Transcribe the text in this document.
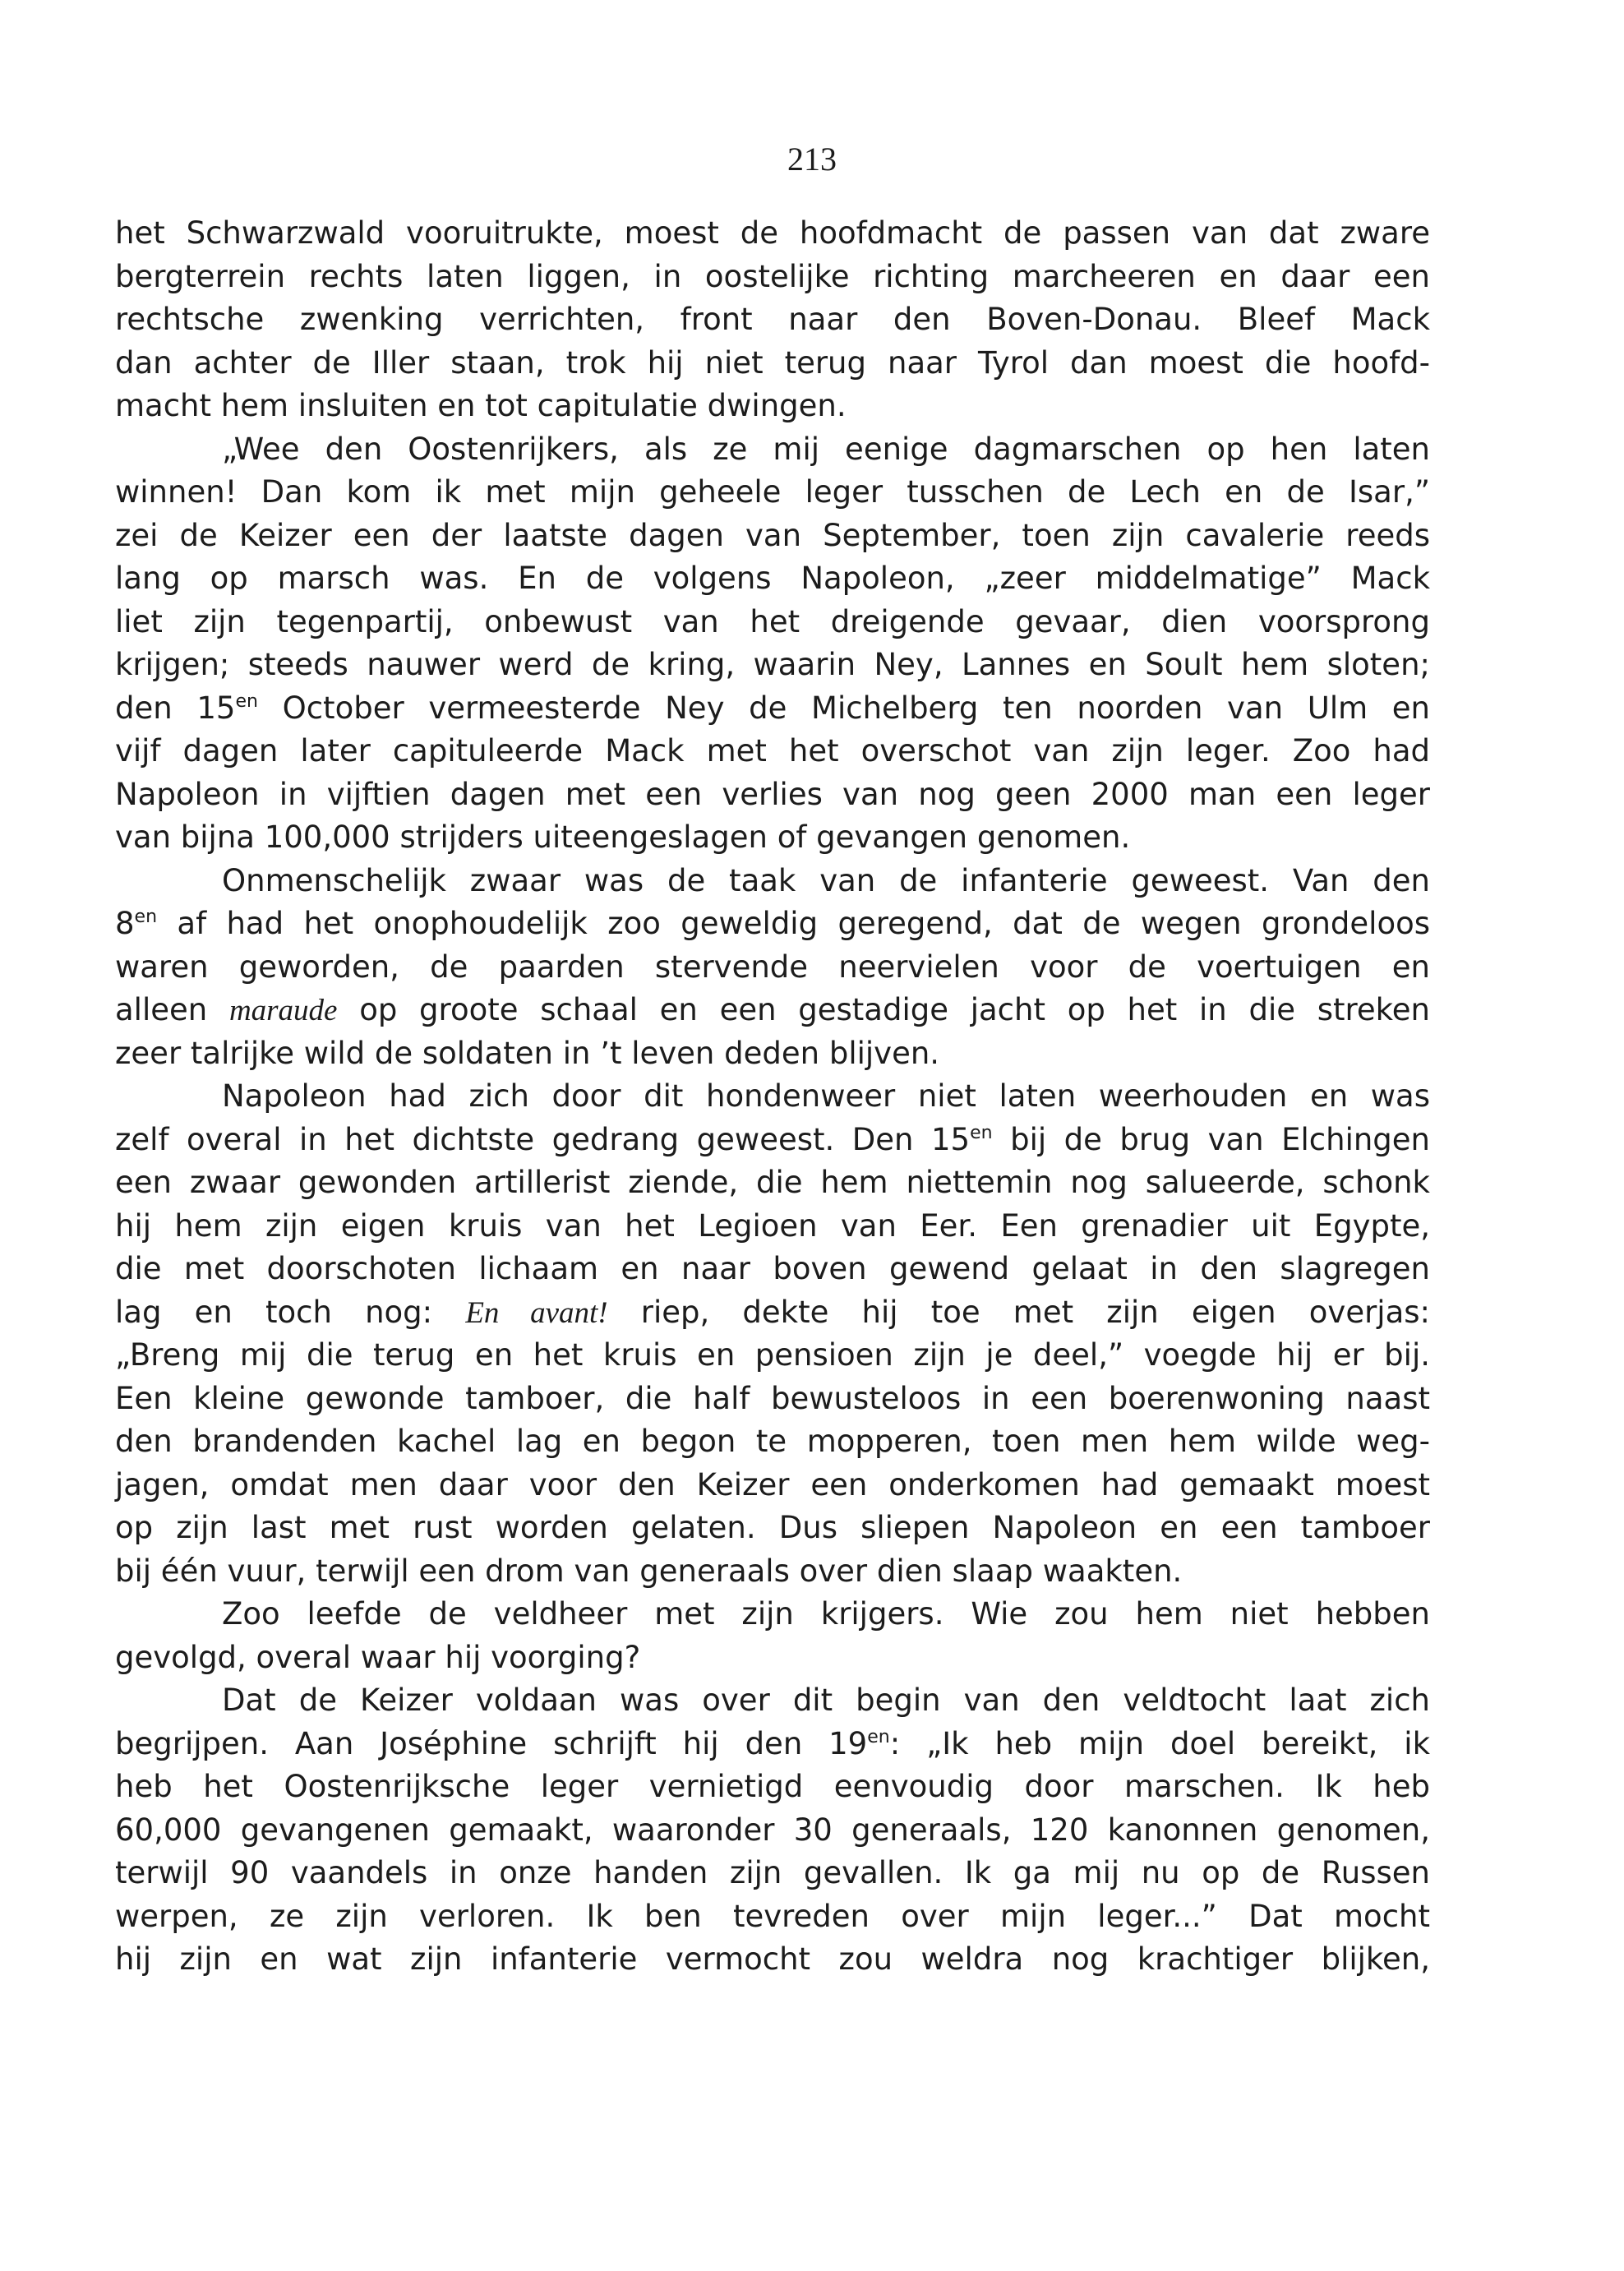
213
het Schwarzwald vooruitrukte, moest de hoofdmacht de passen van dat zware
bergterrein rechts laten liggen, in oostelijke richting marcheeren en daar een
rechtsche zwenking verrichten, front naar den Boven-Donau. Bleef Mack
dan achter de Iller staan, trok hij niet terug naar Tyrol dan moest die hoofd-
macht hem insluiten en tot capitulatie dwingen.
„Wee den Oostenrijkers, als ze mij eenige dagmarschen op hen laten
winnen! Dan kom ik met mijn geheele leger tusschen de Lech en de Isar,”
zei de Keizer een der laatste dagen van September, toen zijn cavalerie reeds
lang op marsch was. En de volgens Napoleon, „zeer middelmatige” Mack
liet zijn tegenpartij, onbewust van het dreigende gevaar, dien voorsprong
krijgen; steeds nauwer werd de kring, waarin Ney, Lannes en Soult hem sloten;
den $15^{en}$ October vermeesterde Ney de Michelberg ten noorden van Ulm en
vijf dagen later capituleerde Mack met het overschot van zijn leger. Zoo had
Napoleon in vijftien dagen met een verlies van nog geen 2000 man een leger
van bijna 100,000 strijders uiteengeslagen of gevangen genomen.
Onmenschelijk zwaar was de taak van de infanterie geweest. Van den
$8^{en}$ af had het onophoudelijk zoo geweldig geregend, dat de wegen grondeloos
waren geworden, de paarden stervende neervielen voor de voertuigen en
alleen maraude op groote schaal en een gestadige jacht op het in die streken
zeer talrijke wild de soldaten in ’t leven deden blijven.
Napoleon had zich door dit hondenweer niet laten weerhouden en was
zelf overal in het dichtste gedrang geweest. Den $15^{en}$ bij de brug van Elchingen
een zwaar gewonden artillerist ziende, die hem niettemin nog salueerde, schonk
hij hem zijn eigen kruis van het Legioen van Eer. Een grenadier uit Egypte,
die met doorschoten lichaam en naar boven gewend gelaat in den slagregen
lag en toch nog: En avant! riep, dekte hij toe met zijn eigen overjas:
„Breng mij die terug en het kruis en pensioen zijn je deel,” voegde hij er bij.
Een kleine gewonde tamboer, die half bewusteloos in een boerenwoning naast
den brandenden kachel lag en begon te mopperen, toen men hem wilde weg-
jagen, omdat men daar voor den Keizer een onderkomen had gemaakt moest
op zijn last met rust worden gelaten. Dus sliepen Napoleon en een tamboer
bij één vuur, terwijl een drom van generaals over dien slaap waakten.
Zoo leefde de veldheer met zijn krijgers. Wie zou hem niet hebben
gevolgd, overal waar hij voorging?
Dat de Keizer voldaan was over dit begin van den veldtocht laat zich
begrijpen. Aan Joséphine schrijft hij den $19^{en}$: „Ik heb mijn doel bereikt, ik
heb het Oostenrijksche leger vernietigd eenvoudig door marschen. Ik heb
60,000 gevangenen gemaakt, waaronder 30 generaals, 120 kanonnen genomen,
terwijl 90 vaandels in onze handen zijn gevallen. Ik ga mij nu op de Russen
werpen, ze zijn verloren. Ik ben tevreden over mijn leger...” Dat mocht
hij zijn en wat zijn infanterie vermocht zou weldra nog krachtiger blijken,
